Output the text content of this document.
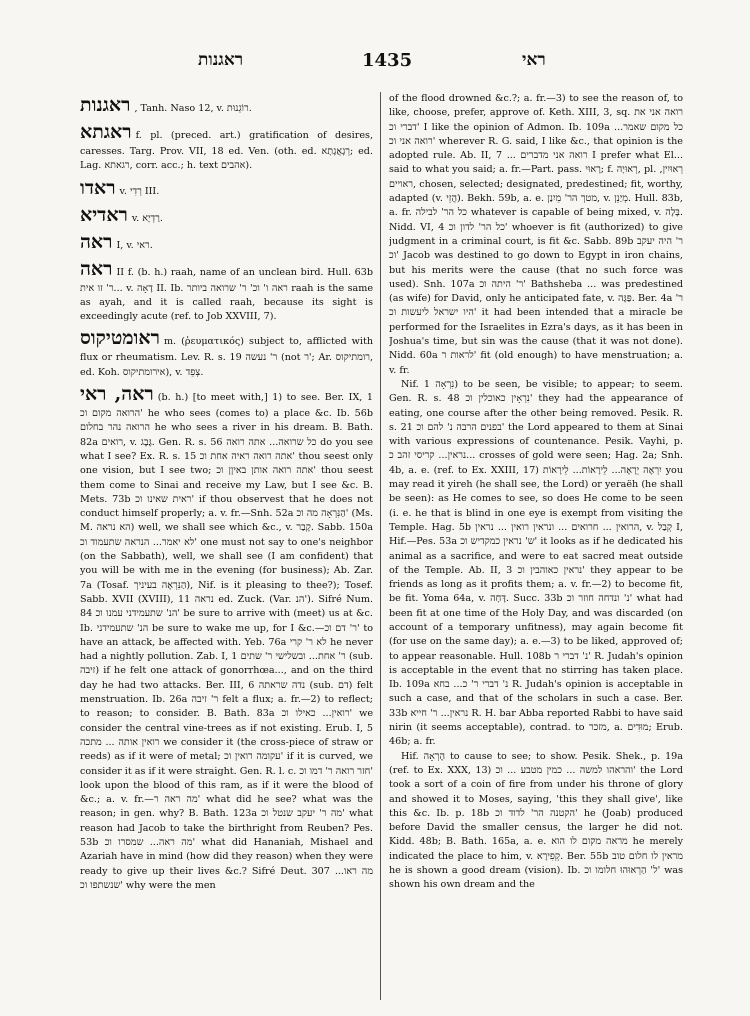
ראגנות	1435	ראי
ראגנות , Tanh. Naso 12, v. רוֹגְנוּת.
ראגתא f. pl. (preced. art.) gratification of desires, caresses. Targ. Prov. VII, 18 ed. Ven. (oth. ed. רְגָאֲגָתָא; ed. Lag. רגאתא, corr. acc.; h. text אהבים).
ראדו v. רְדִי III.
ראדיא v. רַדְיָא.
ראה I, v. ראי.
ראה II f. (b. h.) raah, name of an unclean bird. Hull. 63b ר' זו אית... v. דָאָה II. Ib. ראה ו' וכ' ר' שרואה ביותר raah is the same as ayah, and it is called raah, because its sight is exceedingly acute (ref. to Job XXVIII, 7).
ראומטיקוס m. (ῥευματικός) subject to, afflicted with flux or rheumatism. Lev. R. s. 19 ר' נעשה (not ר'; Ar. רומתיקוס, ed. Koh. אירומתיקוס), v. צְפֵד.
ראה, ראי (b. h.) [to meet with,] 1) to see. Ber. IX, 1 הרואה מקום וכ' he who sees (comes to) a place &c. Ib. 56b הרואה נהר בחלום he who sees a river in his dream. B. Bath. 82a רואים, v. גֶּבֶג. Gen. R. s. 56 כל שרואה... אתה רואה do you see what I see? Ex. R. s. 15 אתה רואה ראיה אחת וכ' thou seest only one vision, but I see two; אתה רואה אותן באיןן וכ' thou seest them come to Sinai and receive my Law, but I see &c. B. Mets. 73b ראית שאינו וכ' if thou observest that he does not conduct himself properly; a. v. fr.—Snh. 52a הַנִּרְאָה מה וכ' (Ms. M. הא נראה) well, we shall see which &c., v. קָבַר. Sabb. 150a לא יאמר... הנראה שתעמוד וכ' one must not say to one's neighbor (on the Sabbath), well, we shall see (I am confident) that you will be with me in the evening (for business); Ab. Zar. 7a (Tosaf. הַנִּרְאֶה בעיניך), Nif. is it pleasing to thee?); Tosef. Sabb. XVII (XVIII), 11 נראה ed. Zuck. (Var. הנ'). Sifré Num. 84 הנ' שתעמידני עמנו וכ' be sure to arrive with (meet) us at &c. Ib. הנ' שתעמידני be sure to wake me up, for I &c.—ר' דם וכ' to have an attack, be affected with. Yeb. 76a לא ר' קרי he never had a nightly pollution. Zab. I, 1 ר' אחת... ובשלישי ר' שתים (sub. זיבה) if he felt one attack of gonorrhœa..., and on the third day he had two attacks. Ber. III, 6 נדה שראתה (sub. דם) felt menstruation. Ib. 26a ר' זיבה felt a flux; a. fr.—2) to reflect; to reason; to consider. B. Bath. 83a רואין... כאילו וכ' we consider the central vine-trees as if not existing. Erub. I, 5 רואין אותה ... מתכה we consider it (the cross-piece of straw or reeds) as if it were of metal; עקומה רואין וכ' if it is curved, we consider it as if it were straight. Gen. R. l. c. חזר רואה ר' דמו וכ' look upon the blood of this ram, as if it were the blood of &c.; a. v. fr.—מה ראה ר' what did he see? what was the reason; in gen. why? B. Bath. 123a מה ר' יעקב שנטל וכ' what reason had Jacob to take the birthright from Reuben? Pes. 53b מה ראה... שמסרו וכ' what did Hananiah, Mishael and Azariah have in mind (how did they reason) when they were ready to give up their lives &c.? Sifré Deut. 307 מה ראו... שנשתפו וכ' why were the men

of the flood drowned &c.?; a. fr.—3) to see the reason of, to like, choose, prefer, approve of. Keth. XIII, 3, sq. רואה אני את דברי וכ' I like the opinion of Admon. Ib. 109a כל מקום שאמר... רואה אני וכ' wherever R. G. said, I like &c., that opinion is the adopted rule. Ab. II, 7 ... רואה אני מדברים I prefer what El... said to what you said; a. fr.—Part. pass. רָאוּי; f. רְאוּיָה, pl. רְאוּיִין, ראויים, chosen, selected; designated, predestined; fit, worthy, adapted (v. הֲזֵי). Bekh. 59b, a. e. מטך הר' מֵיִנַן, v. מְיַנֵן. Hull. 83b, a. fr. כל הר' לבילה whatever is capable of being mixed, v. בָּלָה. Nidd. VI, 4 כל הר' לדון וכ' whoever is fit (authorized) to give judgment in a criminal court, is fit &c. Sabb. 89b ר' היה יעקב וכ' Jacob was destined to go down to Egypt in iron chains, but his merits were the cause (that no such force was used). Snh. 107a ר' היתה וכ' Bathsheba ... was predestined (as wife) for David, only he anticipated fate, v. פַּגָּה. Ber. 4a ר' היו ישראל ליעשות וכ' it had been intended that a miracle be performed for the Israelites in Ezra's days, as it has been in Joshua's time, but sin was the cause (that it was not done). Nidd. 60a לראות ר' fit (old enough) to have menstruation; a. v. fr.

Nif. נִרְאָה 1) to be seen, be visible; to appear; to seem. Gen. R. s. 48 נִרְאָין כאוכלין וכ' they had the appearance of eating, one course after the other being removed. Pesik. R. s. 21 בפנים הרבה נ' להם וכ' the Lord appeared to them at Sinai with various expressions of countenance. Pesik. Vayhi, p. נראין... קריסי זהב כ... crosses of gold were seen; Hag. 2a; Snh. 4b, a. e. (ref. to Ex. XXIII, 17) יִרְאֶה יֵרָאֶה... לֵירָאוֹת... לֵירָאוֹת you may read it yireh (he shall see, the Lord) or yeraëh (he shall be seen): as He comes to see, so does He come to be seen (i. e. he that is blind in one eye is exempt from visiting the Temple. Hag. 5b הרואין ... חרואים ... ונראין רואין ... נראין, v. קְבַל I, Hif.—Pes. 53a ש' נראין כמקדיש וכ' it looks as if he dedicated his animal as a sacrifice, and were to eat sacred meat outside of the Temple. Ab. II, 3 נראין כאוהבין וכ' they appear to be friends as long as it profits them; a. v. fr.—2) to become fit, be fit. Yoma 64a, v. דָּחָה. Succ. 33b נ' ונדחה חוזר וכ' what had been fit at one time of the Holy Day, and was discarded (on account of a temporary unfitness), may again become fit (for use on the same day); a. e.—3) to be liked, approved of; to appear reasonable. Hull. 108b נ' דברי ר' R. Judah's opinion is acceptable in the event that no stirring has taken place. Ib. 109a נ' דברי ר' כ... בחא R. Judah's opinion is acceptable in such a case, and that of the scholars in such a case. Ber. 33b נראין... ר' חייא R. H. bar Abba reported Rabbi to have said nirin (it seems acceptable), contrad. to מזכר, a. מוּדִים; Erub. 46b; a. fr.

Hif. הֶרְאָה to cause to see; to show. Pesik. Shek., p. 19a (ref. to Ex. XXX, 13) והראהו למשה ... כמין מטבע ... וכ' the Lord took a sort of a coin of fire from under his throne of glory and showed it to Moses, saying, 'this they shall give', like this &c. Ib. p. 18b הקטנה הר' לדוד וכ' he (Joab) produced before David the smaller census, the larger he did not. Kidd. 48b; B. Bath. 165a, a. e. מראה מקום לו הוא he merely indicated the place to him, v. קְפִירָא. Ber. 55b מראין לו חלום טוב he is shown a good dream (vision). Ib. ל' הַרְאוּהוּ חלומו וכ' was shown his own dream and the
